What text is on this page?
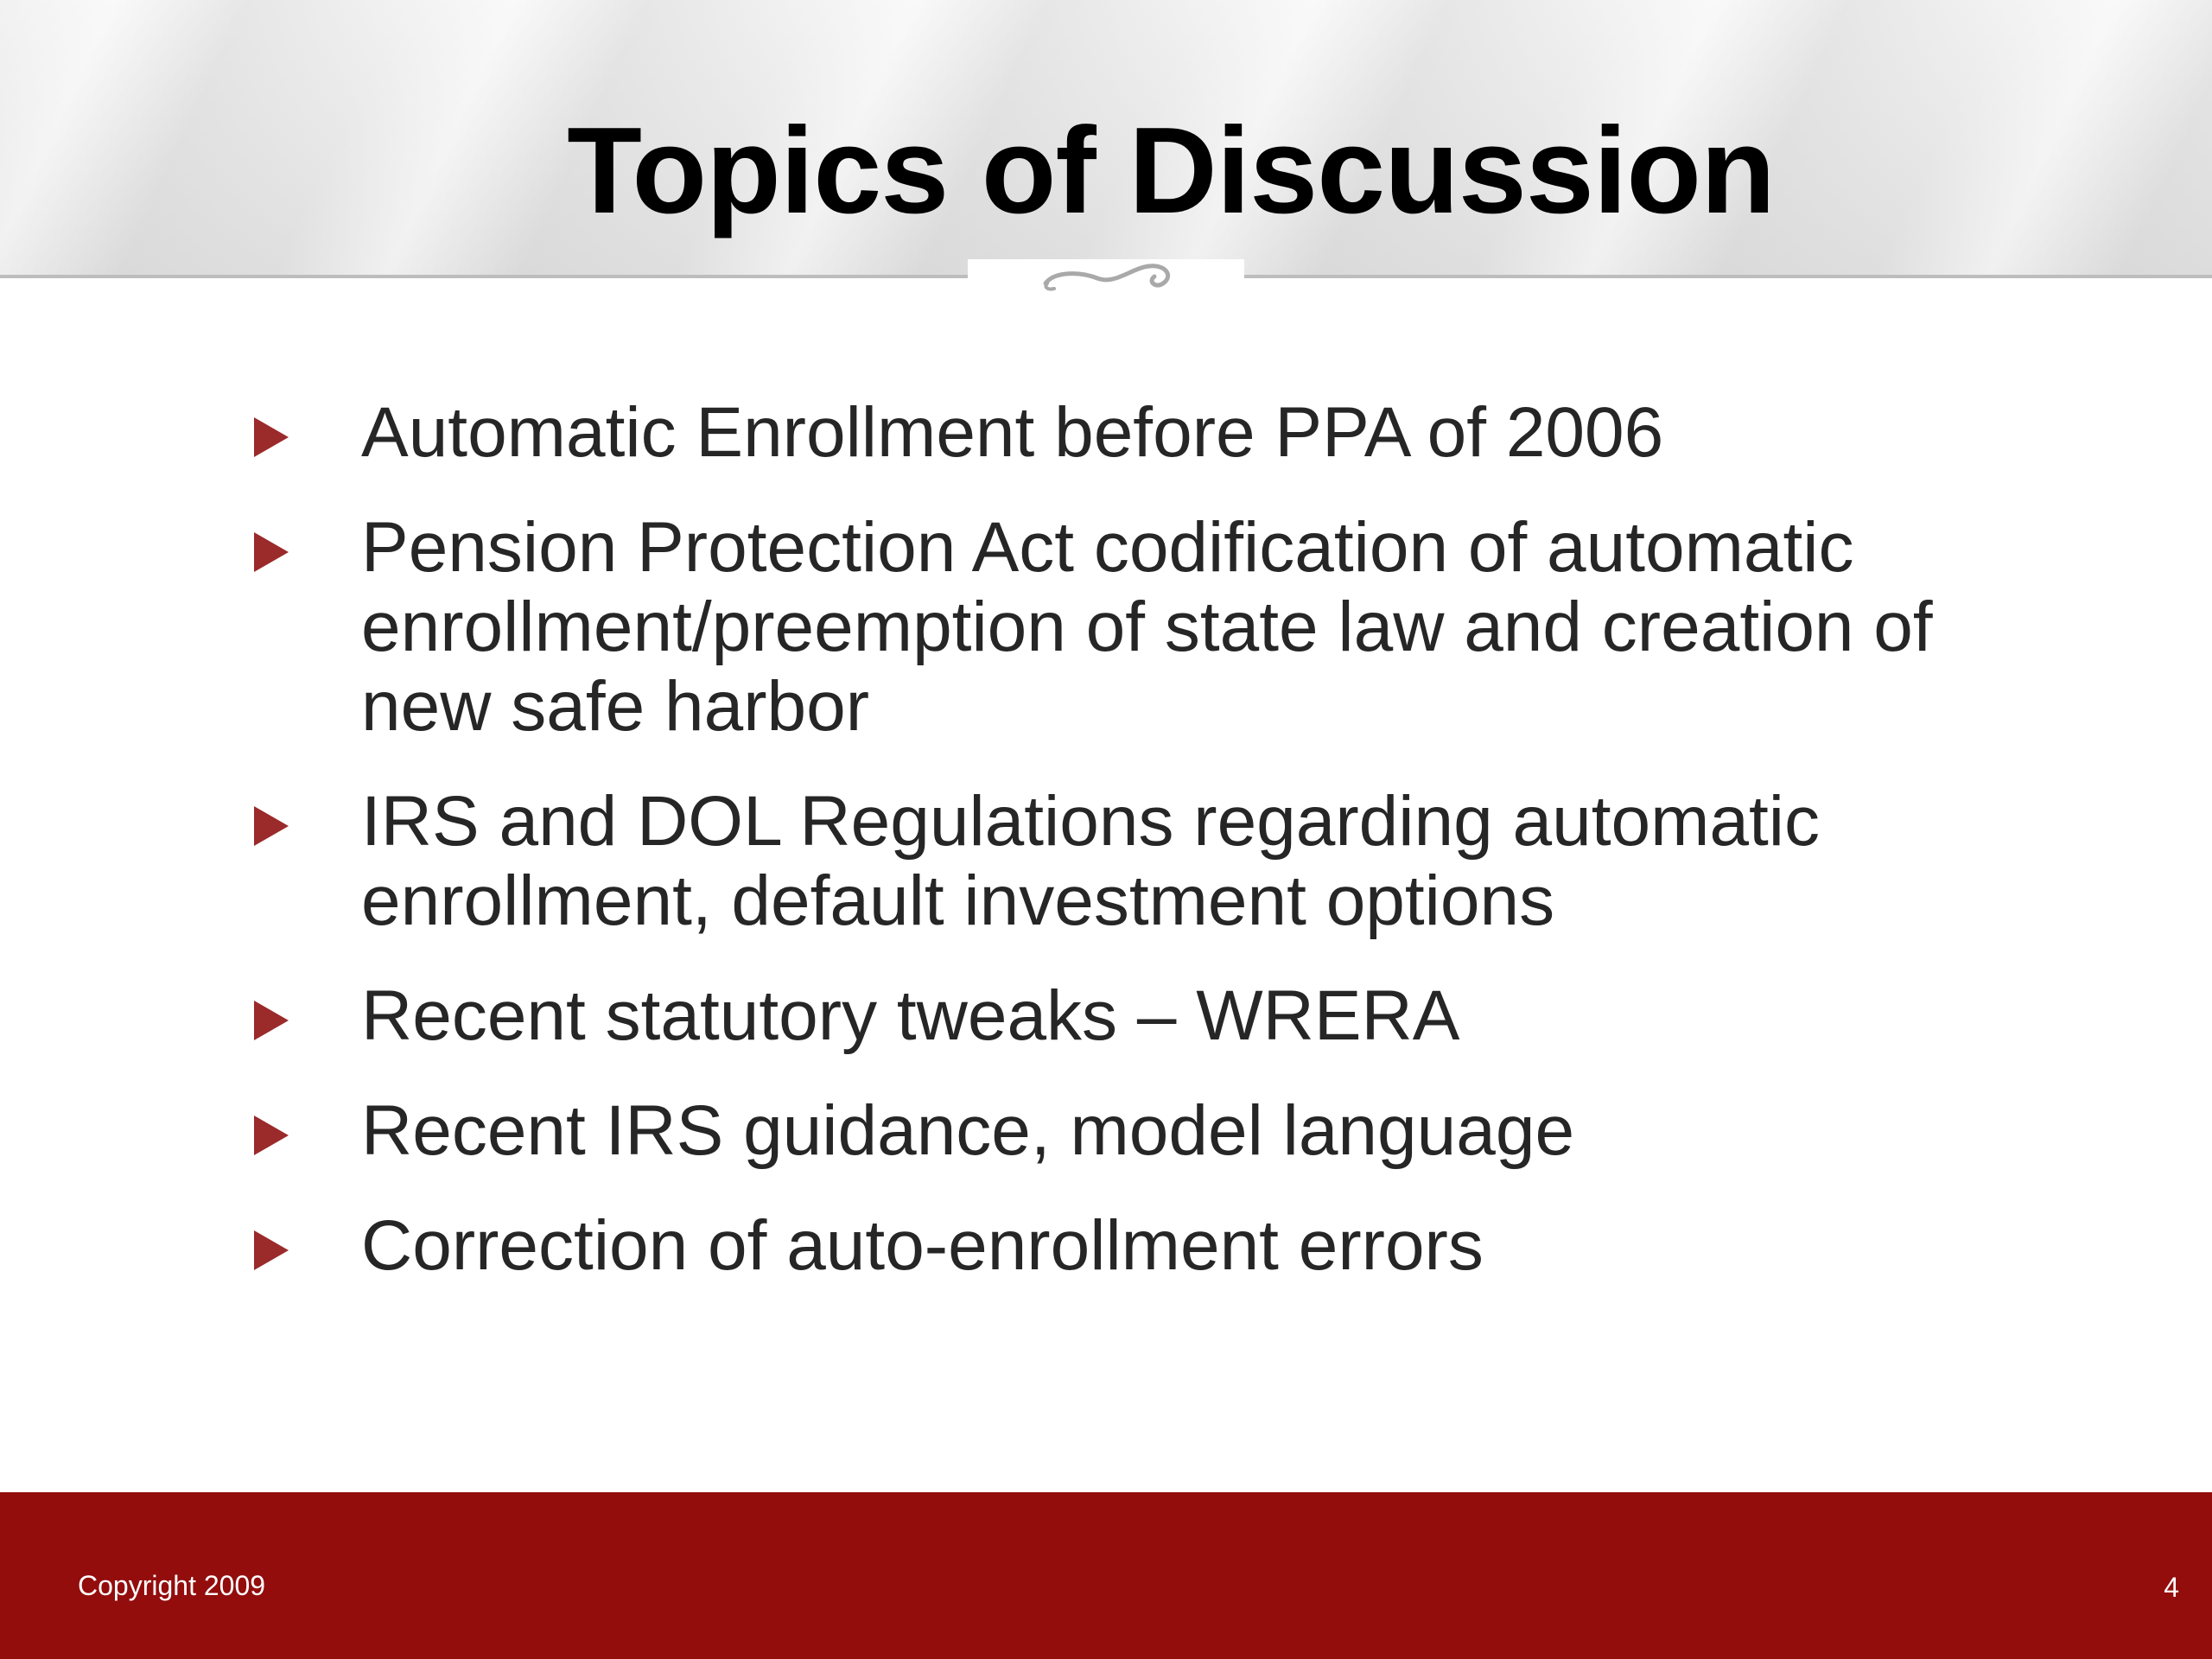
Topics of Discussion
Automatic Enrollment before PPA of 2006
Pension Protection Act codification of automatic enrollment/preemption of state law and creation of new safe harbor
IRS and DOL Regulations regarding automatic enrollment, default investment options
Recent statutory tweaks – WRERA
Recent IRS guidance, model language
Correction of auto-enrollment errors
Copyright 2009	4
